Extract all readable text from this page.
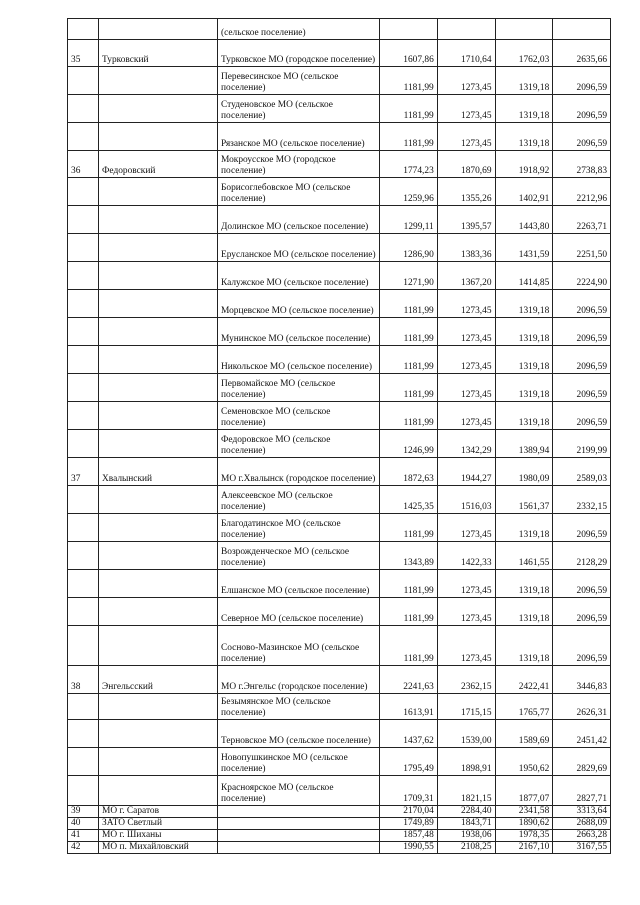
		(сельское поселение)				
35	Турковский	Турковское МО (городское поселение)	1607,86	1710,64	1762,03	2635,66
		Перевесинское МО (сельское поселение)	1181,99	1273,45	1319,18	2096,59
		Студеновское МО (сельское поселение)	1181,99	1273,45	1319,18	2096,59
		Рязанское МО (сельское поселение)	1181,99	1273,45	1319,18	2096,59
36	Федоровский	Мокроусское МО (городское поселение)	1774,23	1870,69	1918,92	2738,83
		Борисоглебовское МО (сельское поселение)	1259,96	1355,26	1402,91	2212,96
		Долинское МО (сельское поселение)	1299,11	1395,57	1443,80	2263,71
		Ерусланское МО (сельское поселение)	1286,90	1383,36	1431,59	2251,50
		Калужское МО (сельское поселение)	1271,90	1367,20	1414,85	2224,90
		Морцевское МО (сельское поселение)	1181,99	1273,45	1319,18	2096,59
		Мунинское МО (сельское поселение)	1181,99	1273,45	1319,18	2096,59
		Никольское МО (сельское поселение)	1181,99	1273,45	1319,18	2096,59
		Первомайское МО (сельское поселение)	1181,99	1273,45	1319,18	2096,59
		Семеновское МО (сельское поселение)	1181,99	1273,45	1319,18	2096,59
		Федоровское МО (сельское поселение)	1246,99	1342,29	1389,94	2199,99
37	Хвалынский	МО г.Хвалынск (городское поселение)	1872,63	1944,27	1980,09	2589,03
		Алексеевское МО (сельское поселение)	1425,35	1516,03	1561,37	2332,15
		Благодатинское МО (сельское поселение)	1181,99	1273,45	1319,18	2096,59
		Возрожденческое МО (сельское поселение)	1343,89	1422,33	1461,55	2128,29
		Елшанское МО (сельское поселение)	1181,99	1273,45	1319,18	2096,59
		Северное МО (сельское поселение)	1181,99	1273,45	1319,18	2096,59
		Сосново-Мазинское МО (сельское поселение)	1181,99	1273,45	1319,18	2096,59
38	Энгельсский	МО г.Энгельс (городское поселение)	2241,63	2362,15	2422,41	3446,83
		Безымянское МО (сельское поселение)	1613,91	1715,15	1765,77	2626,31
		Терновское МО (сельское поселение)	1437,62	1539,00	1589,69	2451,42
		Новопушкинское МО (сельское поселение)	1795,49	1898,91	1950,62	2829,69
		Красноярское МО (сельское поселение)	1709,31	1821,15	1877,07	2827,71
39	МО г. Саратов		2170,04	2284,40	2341,58	3313,64
40	ЗАТО Светлый		1749,89	1843,71	1890,62	2688,09
41	МО г. Шиханы		1857,48	1938,06	1978,35	2663,28
42	МО п. Михайловский		1990,55	2108,25	2167,10	3167,55
